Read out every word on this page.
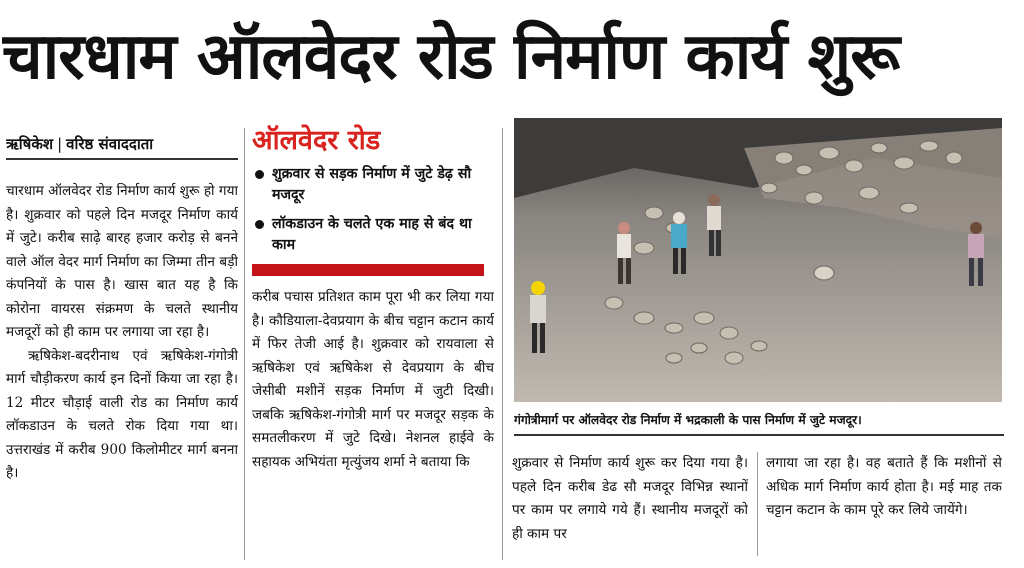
चारधाम ऑलवेदर रोड निर्माण कार्य शुरू
ऋषिकेश | वरिष्ठ संवाददाता

चारधाम ऑलवेदर रोड निर्माण कार्य शुरू हो गया है। शुक्रवार को पहले दिन मजदूर निर्माण कार्य में जुटे। करीब साढ़े बारह हजार करोड़ से बनने वाले ऑल वेदर मार्ग निर्माण का जिम्मा तीन बड़ी कंपनियों के पास है। खास बात यह है कि कोरोना वायरस संक्रमण के चलते स्थानीय मजदूरों को ही काम पर लगाया जा रहा है।

ऋषिकेश-बदरीनाथ एवं ऋषिकेश-गंगोत्री मार्ग चौड़ीकरण कार्य इन दिनों किया जा रहा है। 12 मीटर चौड़ाई वाली रोड का निर्माण कार्य लॉकडाउन के चलते रोक दिया गया था। उत्तराखंड में करीब 900 किलोमीटर मार्ग बनना है।

ऑलवेदर रोड
शुक्रवार से सड़क निर्माण में जुटे डेढ़ सौ मजदूर
लॉकडाउन के चलते एक माह से बंद था काम

करीब पचास प्रतिशत काम पूरा भी कर लिया गया है। कौडियाला-देवप्रयाग के बीच चट्टान कटान कार्य में फिर तेजी आई है। शुक्रवार को रायवाला से ऋषिकेश एवं ऋषिकेश से देवप्रयाग के बीच जेसीबी मशीनें सड़क निर्माण में जुटी दिखी। जबकि ऋषिकेश-गंगोत्री मार्ग पर मजदूर सड़क के समतलीकरण में जुटे दिखे। नेशनल हाईवे के सहायक अभियंता मृत्युंजय शर्मा ने बताया कि

गंगोत्रीमार्ग पर ऑलवेदर रोड निर्माण में भद्रकाली के पास निर्माण में जुटे मजदूर।

शुक्रवार से निर्माण कार्य शुरू कर दिया गया है। पहले दिन करीब डेढ सौ मजदूर विभिन्न स्थानों पर काम पर लगाये गये हैं। स्थानीय मजदूरों को ही काम पर

लगाया जा रहा है। वह बताते हैं कि मशीनों से अधिक मार्ग निर्माण कार्य होता है। मई माह तक चट्टान कटान के काम पूरे कर लिये जायेंगे।
